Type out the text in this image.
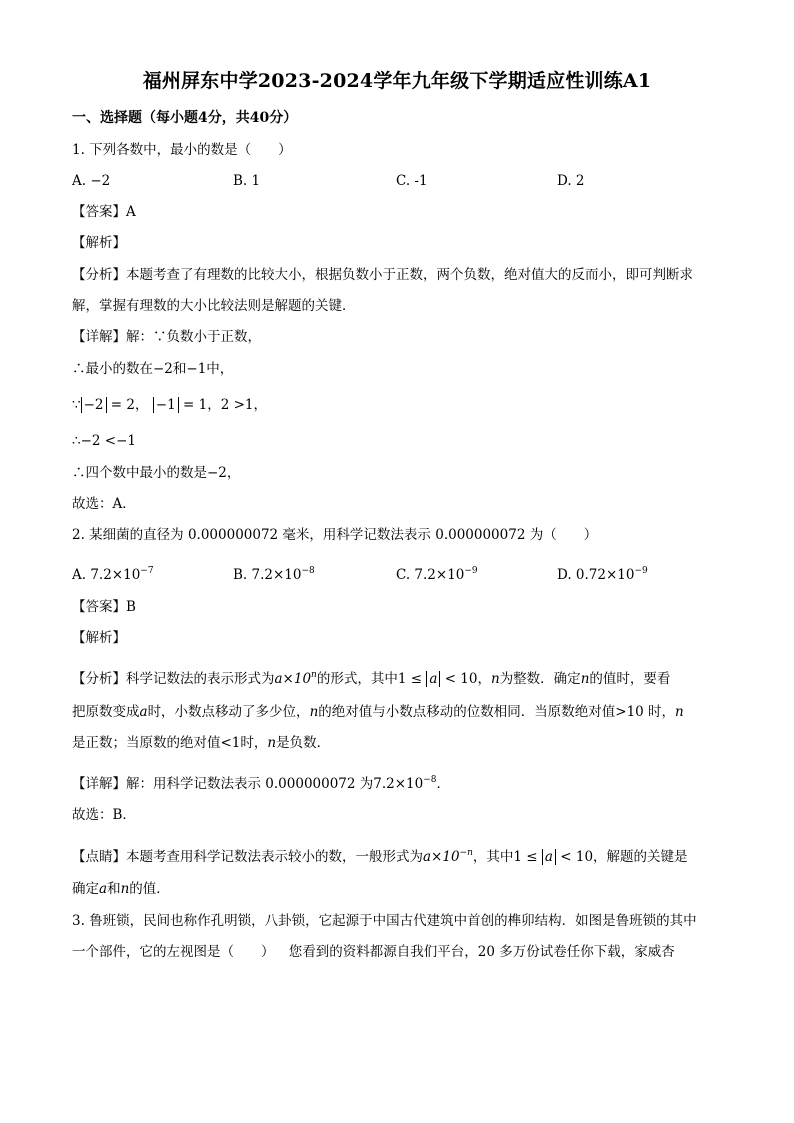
福州屏东中学2023-2024学年九年级下学期适应性训练A1
一、选择题（每小题4分，共40分）
1. 下列各数中，最小的数是（　　）
A. −2	B. 1	C. -1	D. 2
【答案】A
【解析】
【分析】本题考查了有理数的比较大小，根据负数小于正数，两个负数，绝对值大的反而小，即可判断求
解，掌握有理数的大小比较法则是解题的关键．
【详解】解：∵负数小于正数，
∴最小的数在−2和−1中，
∵ −2 = 2， −1 = 1，2 >1，
∴−2 <−1
∴四个数中最小的数是−2，
故选：A．
2. 某细菌的直径为 0.000000072 毫米，用科学记数法表示 0.000000072 为（　　）
A. $7.2\times 10^{-7}$	B. $7.2\times 10^{-8}$	C. $7.2\times 10^{-9}$	D. $0.72\times 10^{-9}$
【答案】B
【解析】
【分析】科学记数法的表示形式为$a\times 10^n$的形式，其中1 ≤ a < 10，n为整数．确定n的值时，要看
把原数变成a时，小数点移动了多少位，n的绝对值与小数点移动的位数相同．当原数绝对值>10 时，n
是正数；当原数的绝对值<1时，n是负数．
【详解】解：用科学记数法表示 0.000000072 为$7.2\times 10^{-8}$．
故选：B．
【点睛】本题考查用科学记数法表示较小的数，一般形式为$a\times 10^{-n}$，其中1 ≤ a < 10，解题的关键是
确定a和n的值．
3. 鲁班锁，民间也称作孔明锁，八卦锁，它起源于中国古代建筑中首创的榫卯结构．如图是鲁班锁的其中
一个部件，它的左视图是（　　） 您看到的资料都源自我们平台，20 多万份试卷任你下载，家威杏
